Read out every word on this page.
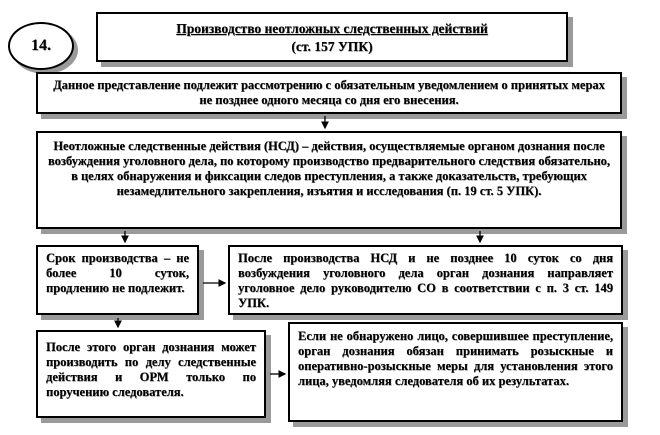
14.
Производство неотложных следственных действий
(ст. 157 УПК)
Данное представление подлежит рассмотрению с обязательным уведомлением о принятых мерах не позднее одного месяца со дня его внесения.
Неотложные следственные действия (НСД) – действия, осуществляемые органом дознания после возбуждения уголовного дела, по которому производство предварительного следствия обязательно, в целях обнаружения и фиксации следов преступления, а также доказательств, требующих незамедлительного закрепления, изъятия и исследования (п. 19 ст. 5 УПК).
Срок производства – не более 10 суток, продлению не подлежит.
После производства НСД и не позднее 10 суток со дня возбуждения уголовного дела орган дознания направляет уголовное дело руководителю СО в соответствии с п. 3 ст. 149 УПК.
После этого орган дознания может производить по делу следственные действия и ОРМ только по поручению следователя.
Если не обнаружено лицо, совершившее преступление, орган дознания обязан принимать розыскные и оперативно-розыскные меры для установления этого лица, уведомляя следователя об их результатах.
